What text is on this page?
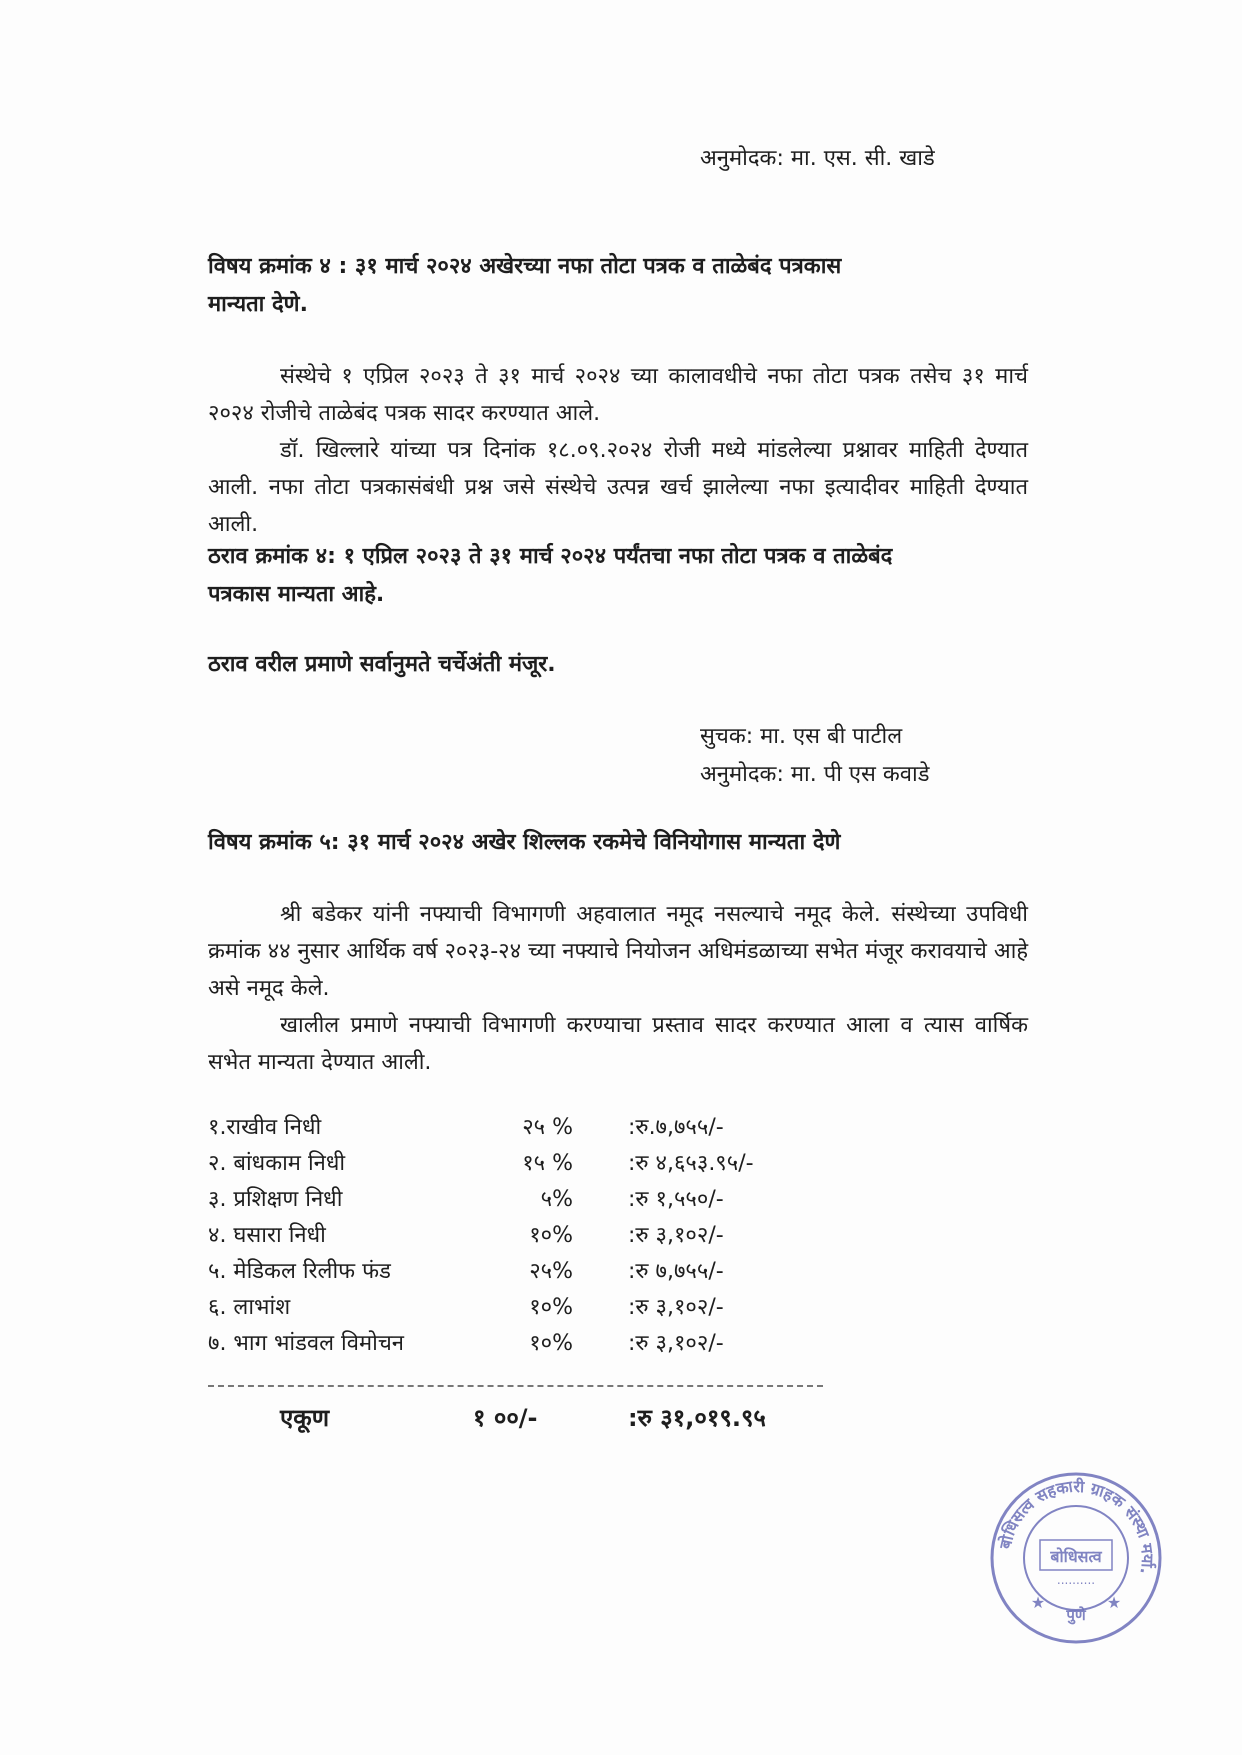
अनुमोदक: मा. एस. सी. खाडे
विषय क्रमांक ४ : ३१ मार्च २०२४ अखेरच्या नफा तोटा पत्रक व ताळेबंद पत्रकास
मान्यता देणे.
संस्थेचे १ एप्रिल २०२३ ते ३१ मार्च २०२४ च्या कालावधीचे नफा तोटा पत्रक तसेच ३१ मार्च २०२४ रोजीचे ताळेबंद पत्रक सादर करण्यात आले.
डॉ. खिल्लारे यांच्या पत्र दिनांक १८.०९.२०२४ रोजी मध्ये मांडलेल्या प्रश्नावर माहिती देण्यात आली. नफा तोटा पत्रकासंबंधी प्रश्न जसे संस्थेचे उत्पन्न खर्च झालेल्या नफा इत्यादीवर माहिती देण्यात आली.
ठराव क्रमांक ४: १ एप्रिल २०२३ ते ३१ मार्च २०२४ पर्यंतचा नफा तोटा पत्रक व ताळेबंद
पत्रकास मान्यता आहे.
ठराव वरील प्रमाणे सर्वानुमते चर्चेअंती मंजूर.
सुचक: मा. एस बी पाटील
अनुमोदक: मा. पी एस कवाडे
विषय क्रमांक ५: ३१ मार्च २०२४ अखेर शिल्लक रकमेचे विनियोगास मान्यता देणे
श्री बडेकर यांनी नफ्याची विभागणी अहवालात नमूद नसल्याचे नमूद केले. संस्थेच्या उपविधी क्रमांक ४४ नुसार आर्थिक वर्ष २०२३-२४ च्या नफ्याचे नियोजन अधिमंडळाच्या सभेत मंजूर करावयाचे आहे असे नमूद केले.
खालील प्रमाणे नफ्याची विभागणी करण्याचा प्रस्ताव सादर करण्यात आला व त्यास वार्षिक सभेत मान्यता देण्यात आली.
१.राखीव निधी	२५ %	:रु.७,७५५/-
२. बांधकाम निधी	१५ %	:रु ४,६५३.९५/-
३. प्रशिक्षण निधी	५%	:रु १,५५०/-
४. घसारा निधी	१०%	:रु ३,१०२/-
५. मेडिकल रिलीफ फंड	२५%	:रु ७,७५५/-
६. लाभांश	१०%	:रु ३,१०२/-
७. भाग भांडवल विमोचन	१०%	:रु ३,१०२/-
एकूण	१ ००/-	:रु ३१,०१९.९५
बोधिसत्व सहकारी ग्राहक संस्था मर्या.
बोधिसत्व
..........
★
पुणे
★
